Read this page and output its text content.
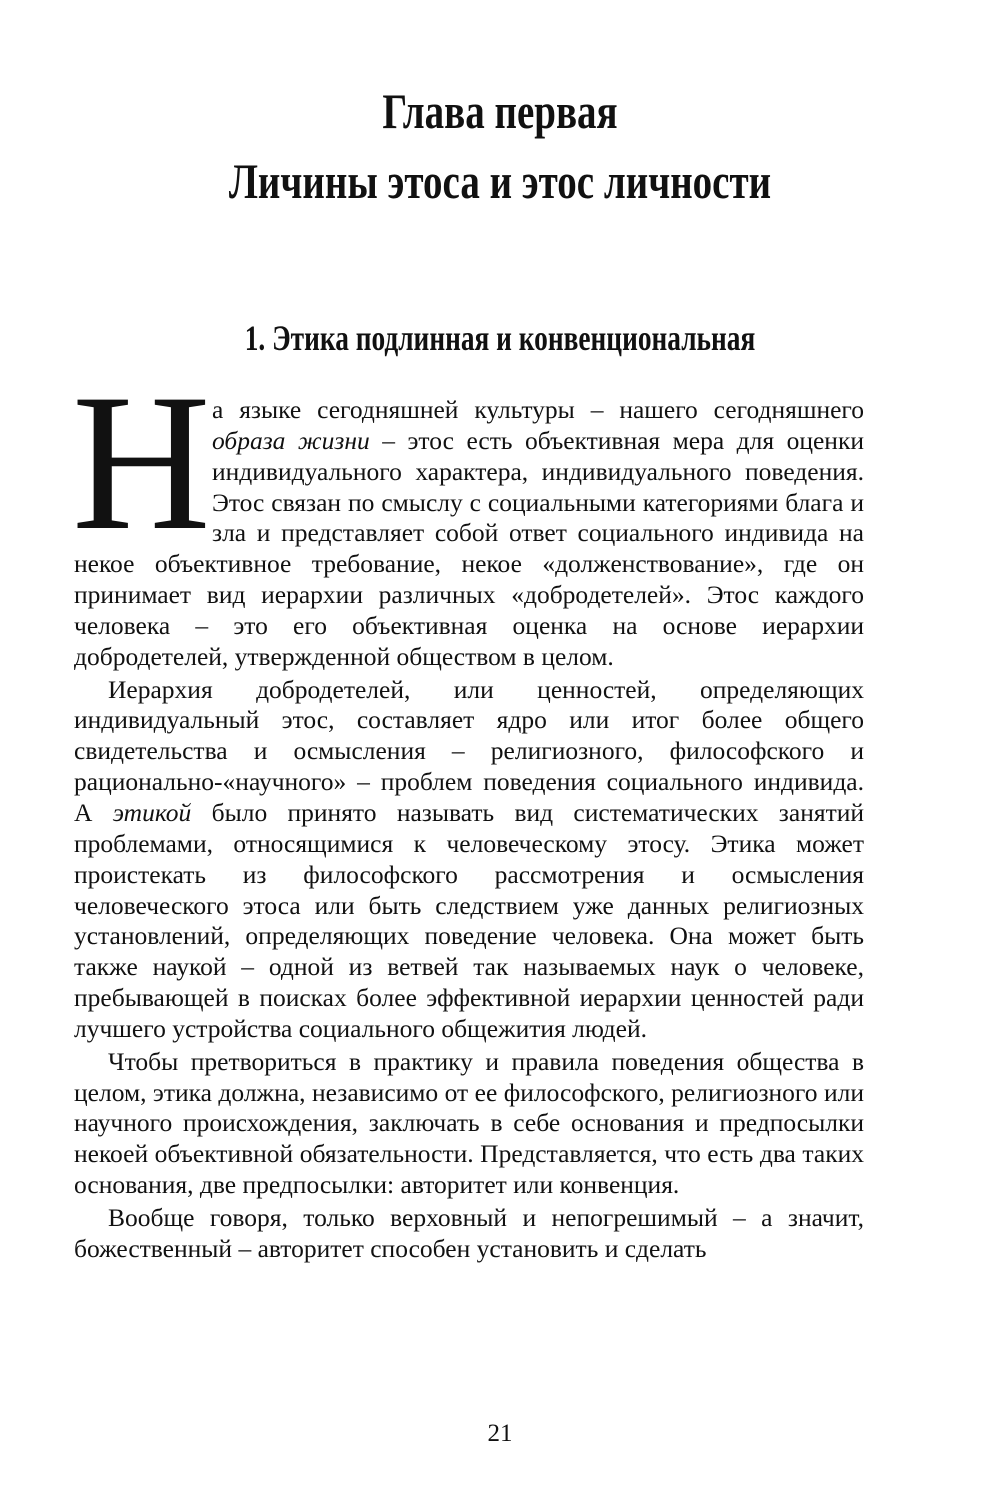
Глава первая
Личины этоса и этос личности
1. Этика подлинная и конвенциональная

Н а языке сегодняшней культуры – нашего сегодняшнего образа жизни – этос есть объективная мера для оценки индивидуального характера, индивидуального поведения. Этос связан по смыслу с социальными категориями блага и зла и представляет собой ответ социального индивида на некое объективное требование, некое «долженствование», где он принимает вид иерархии различных «добродетелей». Этос каждого человека – это его объективная оценка на основе иерархии добродетелей, утвержденной обществом в целом.

Иерархия добродетелей, или ценностей, определяющих индивидуальный этос, составляет ядро или итог более общего свидетельства и осмысления – религиозного, философского и рационально-«научного» – проблем поведения социального индивида. А этикой было принято называть вид систематических занятий проблемами, относящимися к человеческому этосу. Этика может проистекать из философского рассмотрения и осмысления человеческого этоса или быть следствием уже данных религиозных установлений, определяющих поведение человека. Она может быть также наукой – одной из ветвей так называемых наук о человеке, пребывающей в поисках более эффективной иерархии ценностей ради лучшего устройства социального общежития людей.

Чтобы претвориться в практику и правила поведения общества в целом, этика должна, независимо от ее философского, религиозного или научного происхождения, заключать в себе основания и предпосылки некоей объективной обязательности. Представляется, что есть два таких основания, две предпосылки: авторитет или конвенция.

Вообще говоря, только верховный и непогрешимый – а значит, божественный – авторитет способен установить и сделать

21
